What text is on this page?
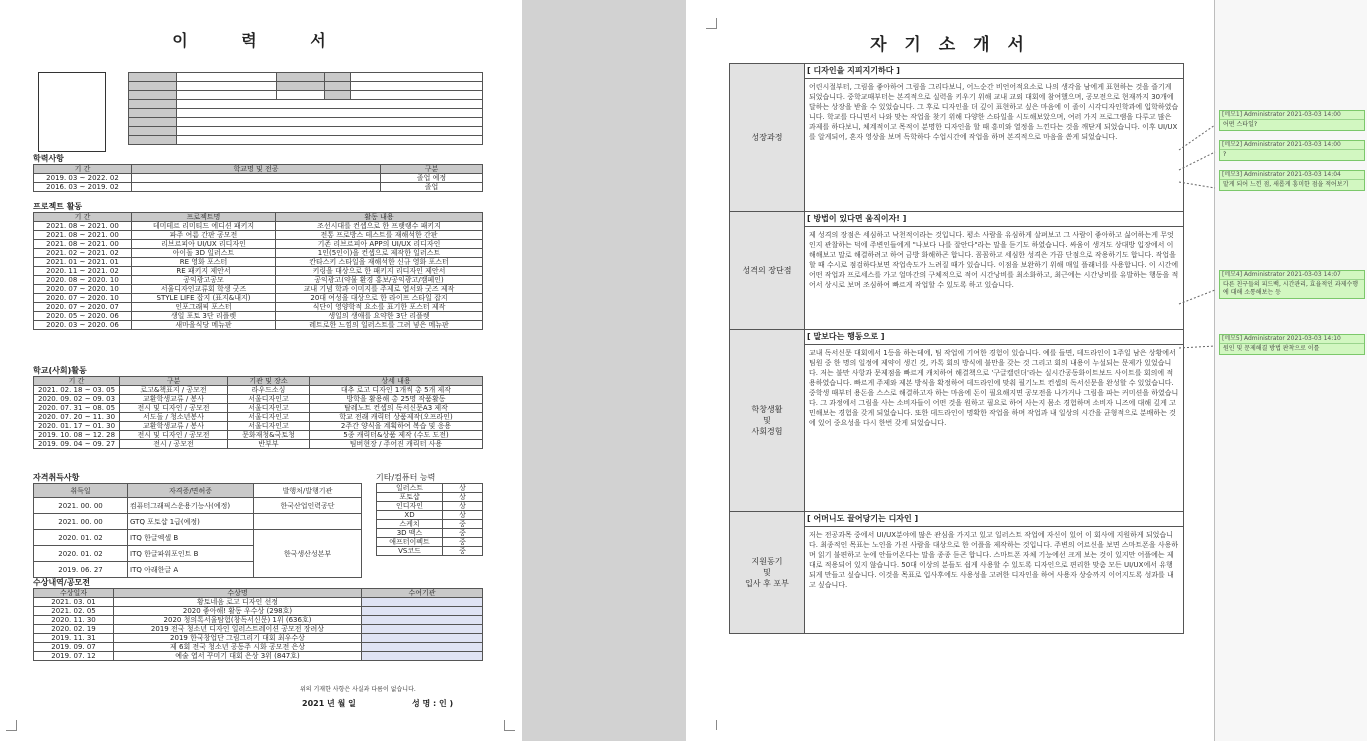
이 력 서

학력사항
기 간	학교명 및 전공	구분
2019. 03 ~ 2022. 02		졸업 예정
2016. 03 ~ 2019. 02		졸업
프로젝트 활동
기 간	프로젝트명	활동 내용
2021. 08 ~ 2021. 00	데미테르 리미티드 에디션 패키지	조선시대를 컨셉으로 한 프랫랭수 패키지
2021. 08 ~ 2021. 00	파주 여름 간판 공모전	전통 프로방스 테스트를 재해석한 간판
2021. 08 ~ 2021. 00	리브르피아 UI/UX 리디자인	기존 리브르피아 APP의 UI/UX 리디자인
2021. 02 ~ 2021. 02	아이돌 3D 일러스트	1인(5인이)을 컨셉으로 제작한 일러스트
2021. 01 ~ 2021. 01	RE 영화 포스터	칸타스키 스타일을 재해석한 신규 영화 포스터
2020. 11 ~ 2021. 02	RE 패키지 제안서	키링을 대상으로 한 패키지 리디자인 제안서
2020. 08 ~ 2020. 10	공익광고공모	공익광고(약물 환경 홍보/공익광고/캠페인)
2020. 07 ~ 2020. 10	서울디자인교류회 학생 굿즈	교내 기념 학과 이미지를 주제로 엽서와 굿즈 제작
2020. 07 ~ 2020. 10	STYLE LIFE 잡지 (표지&내지)	20대 여성을 대상으로 한 라이프 스타일 잡지
2020. 07 ~ 2020. 07	인포그래픽 포스터	식단이 영양학적 요소를 표기한 포스터 제작
2020. 05 ~ 2020. 06	생일 포토 3단 리플렛	생일의 생애를 요약한 3단 리플렛
2020. 03 ~ 2020. 06	새마을식당 메뉴판	레트로한 느낌의 일러스트를 그려 넣은 메뉴판
학교(사회)활동
기 간	구분	기관 및 장소	상세 내용
2021. 02. 18 ~ 03. 05	로고&책표지 / 공모전	라우드소싱	대추 로고 디자인 1개씩 총 5개 제작
2020. 09. 02 ~ 09. 03	교환학생교류 / 봉사	서울디자인고	방학을 활용해 총 25명 작품활동
2020. 07. 31 ~ 08. 05	전시 및 디자인 / 공모전	서울디자인고	탈레노트 컨셉의 독서신문A3 제작
2020. 07. 20 ~ 11. 30	서도돌 / 청소년봉사	서울디자인고	학교 전래 캐릭터 상품제작(오프라인)
2020. 01. 17 ~ 01. 30	교환학생교류 / 봉사	서울디자인고	2주간 양식을 계획하여 복습 및 응용
2019. 10. 08 ~ 12. 28	전시 및 디자인 / 공모전	문화재청&국토청	5종 캐릭터&상품 제작 (수도 도전)
2019. 09. 04 ~ 09. 27	전시 / 공모전	반부부	팀버현장 / 주어진 캐릭터 사용
자격취득사항
취득일	자격증/면허증	발행처/발행기관
2021. 00. 00	컴퓨터그래픽스운용기능사(예정)	한국산업인력공단
2021. 00. 00	GTQ 포토샵 1급(예정)	
2020. 01. 02	ITQ 한글엑셀 B	한국생산성본부
2020. 01. 02	ITQ 한글파워포인트 B	
2019. 06. 27	ITQ 아래한글 A	
기타/컴퓨터 능력
일러스트	상
포토샵	상
인디자인	상
XD	상
스케치	중
3D 맥스	중
애프터이펙트	중
VS코드	중
수상내역/공모전
수상일자	수상명	수여기관
2021. 03. 01	황토네음 로고 디자인 선정	
2021. 02. 05	2020 좋아해! 활동 우수상 (298호)	
2020. 11. 30	2020 청의톡서울탐험(창독서신문) 1위 (636호)	
2020. 02. 19	2019 전국 청소년 디자인 일러스트레이션 공모전 장려상	
2019. 11. 31	2019 한국창업단 그림그리기 대회 최우수상	
2019. 09. 07	제 6회 전국 청소년 공동주 시화 공모전 은상	
2019. 07. 12	예술 엽서 꾸미기 대회 은상 3위 (847호)	
위의 기재한 사항은 사실과 다름이 없습니다.
2021 년 월 일	성 명 : 인 )
자 기 소 개 서
성장과정	[ 디자인을 지피지기하다 ]
	어린시절부터, 그림을 좋아하여 그림을 그리다보니, 어느순간 비언어적요소로 나의 생각을 남에게 표현하는 것을 즐기게 되었습니다. 중학교때부터는 본격적으로 실력을 키우기 위해 교내 교외 대회에 참여했으며, 공모전으로 현재까지 30개에 달하는 상장을 받을 수 있었습니다. 그 후로 디자인을 더 깊이 표현하고 싶은 마음에 이 졸이 시각디자인학과에 입학하였습니다. 학교를 다니면서 나와 맞는 작업을 찾기 위해 다양한 스타일을 시도해보았으며, 여러 가지 프로그램을 다루고 많은 과제를 하다보니, 체계적이고 목적이 분명한 디자인을 할 때 흥미와 열정을 느낀다는 것을 깨닫게 되었습니다. 이후 UI/UX를 알게되어, 혼자 영상을 보며 독학하다 수업시간에 작업을 하며 본격적으로 마음을 쏟게 되었습니다.
성격의 장단점	[ 방법이 있다면 움직이자! ]
	제 성격의 장점은 세심하고 낙천적이라는 것입니다. 평소 사람을 유심하게 살펴보고 그 사람이 좋아하고 싫어하는게 무엇인지 관찰하는 덕에 주변인들에게 "나보다 나를 잘안다"라는 말을 듣기도 하였습니다. 싸움이 생겨도 상대방 입장에서 이해해보고 말로 해결하려고 하여 금방 화해하곤 합니다. 꼼꼼하고 세심한 성격은 가끔 단점으로 작용하기도 합니다. 작업을 할 때 수시로 점검하다보면 작업속도가 느려질 때가 있습니다. 이점을 보완하기 위해 매일 플래너를 사용합니다. 이 시간에 어떤 작업과 프로세스를 가고 얼마간의 구체적으로 적어 시간낭비를 최소화하고, 최근에는 시간낭비를 유발하는 행동을 적어서 상시로 보며 조심하여 빠르게 작업할 수 있도록 하고 있습니다.
학창생활
및
사회경험	[ 말보다는 행동으로 ]
	교내 독서신문 대회에서 1등을 하는데에, 팀 작업에 기여한 경험이 있습니다. 예를 들면, 데드라인이 1주일 남은 상황에서 팀원 중 한 명의 일정에 제약이 생긴 것, 카톡 회의 방식에 불만을 갖는 것 그리고 회의 내용이 누설되는 문제가 있었습니다. 저는 불만 사항과 문제점을 빠르게 캐치하여 해결책으로 '구글캘린더'라는 실시간공동화이트보드 사이트를 회의에 적용하였습니다. 빠르게 주제와 제본 방식을 확정하여 데드라인에 맞춰 필기노트 컨셉의 독서신문을 완성할 수 있었습니다. 중학생 때부터 용돈을 스스로 해결하고자 하는 마음에 돈이 필요해지면 공모전을 나가거나 그림을 파는 커미션을 하였습니다. 그 과정에서 그림을 사는 소비자들이 어떤 것을 원하고 필요로 하여 사는지 몸소 경험하며 소비자 니즈에 대해 깊게 고민해보는 경험을 갖게 되었습니다. 또한 데드라인이 명확한 작업을 하며 작업과 내 일상의 시간을 균형적으로 분배하는 것에 있어 중요성을 다시 한번 갖게 되었습니다.
지원동기
및
입사 후 포부	[ 어머니도 끌어당기는 디자인 ]
	저는 전공과목 중에서 UI/UX분야에 많은 관심을 가지고 있고 일러스트 작업에 자신이 있어 이 회사에 지원하게 되었습니다. 최종적인 목표는 노인을 가진 사람을 대상으로 한 어플을 제작하는 것입니다. 주변의 어르신을 보면 스마트폰을 사용하며 읽기 불편하고 눈에 안들어온다는 말을 종종 듣곤 합니다. 스마트폰 자체 기능에선 크게 보는 것이 있지만 어플에는 제대로 적용되어 있지 않습니다. 50대 이상의 분들도 쉽게 사용할 수 있도록 디자인으로 편리한 맞춤 모든 UI/UX에서 유행되게 만들고 싶습니다. 이것을 목표로 입사후에도 사용성을 고려한 디자인을 하여 사용자 상승까지 이어지도록 성과를 내고 싶습니다.
[메모1] Administrator 2021-03-03 14:00
어떤 스타일?
[메모2] Administrator 2021-03-03 14:00
?
[메모3] Administrator 2021-03-03 14:04
맡게 되어 느낀 점, 새롭게 흥미한 점을 적어보기
[메모4] Administrator 2021-03-03 14:07
다른 친구들의 피드백, 시간관리, 효율적인 과제수행에 대해 소통해보는 등
[메모5] Administrator 2021-03-03 14:10
원인 및 문제해결 방법 판착으로 이를
